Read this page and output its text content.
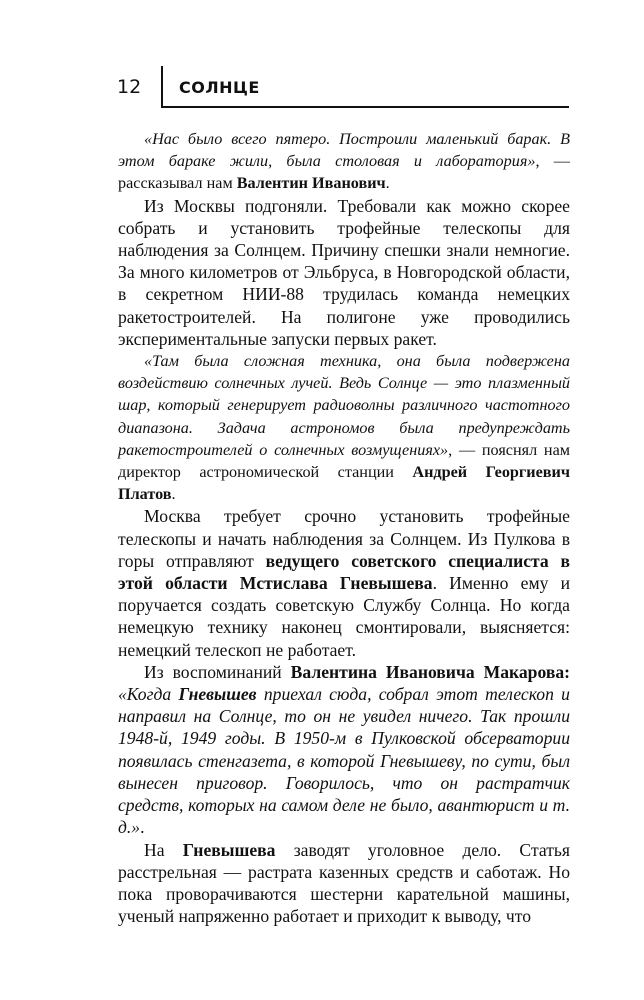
12 СОЛНЦЕ

«Нас было всего пятеро. Построили маленький барак. В этом бараке жили, была столовая и лаборатория», — рассказывал нам Валентин Иванович.

Из Москвы подгоняли. Требовали как можно скорее собрать и установить трофейные телескопы для наблюдения за Солнцем. Причину спешки знали немногие. За много километров от Эльбруса, в Новгородской области, в секретном НИИ-88 трудилась команда немецких ракетостроителей. На полигоне уже проводились экспериментальные запуски первых ракет.

«Там была сложная техника, она была подвержена воздействию солнечных лучей. Ведь Солнце — это плазменный шар, который генерирует радиоволны различного частотного диапазона. Задача астрономов была предупреждать ракетостроителей о солнечных возмущениях», — пояснял нам директор астрономической станции Андрей Георгиевич Платов.

Москва требует срочно установить трофейные телескопы и начать наблюдения за Солнцем. Из Пулкова в горы отправляют ведущего советского специалиста в этой области Мстислава Гневышева. Именно ему и поручается создать советскую Службу Солнца. Но когда немецкую технику наконец смонтировали, выясняется: немецкий телескоп не работает.

Из воспоминаний Валентина Ивановича Макарова: «Когда Гневышев приехал сюда, собрал этот телескоп и направил на Солнце, то он не увидел ничего. Так прошли 1948-й, 1949 годы. В 1950-м в Пулковской обсерватории появилась стенгазета, в которой Гневышеву, по сути, был вынесен приговор. Говорилось, что он растратчик средств, которых на самом деле не было, авантюрист и т. д.».

На Гневышева заводят уголовное дело. Статья расстрельная — растрата казенных средств и саботаж. Но пока проворачиваются шестерни карательной машины, ученый напряженно работает и приходит к выводу, что
